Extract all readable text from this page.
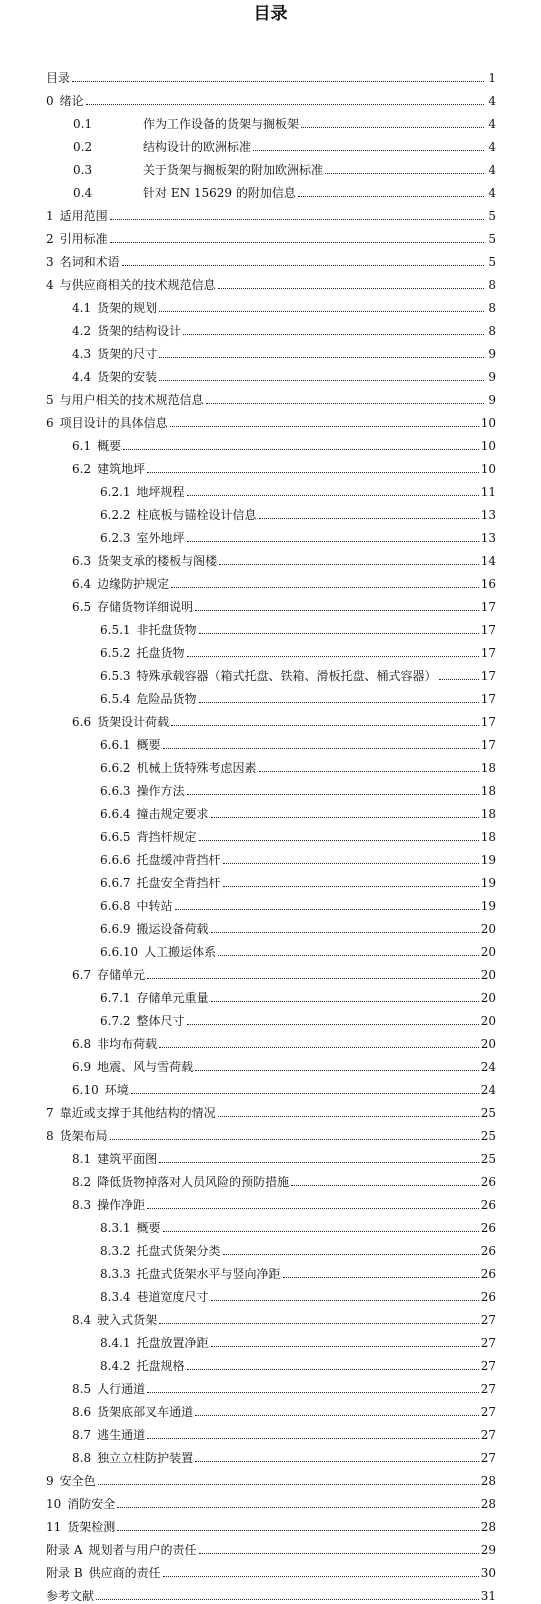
目录
目录	1
0 绪论	4
0.1	作为工作设备的货架与搁板架	4
0.2	结构设计的欧洲标准	4
0.3	关于货架与搁板架的附加欧洲标准	4
0.4	针对 EN 15629 的附加信息	4
1 适用范围	5
2 引用标准	5
3 名词和术语	5
4 与供应商相关的技术规范信息	8
4.1 货架的规划	8
4.2 货架的结构设计	8
4.3 货架的尺寸	9
4.4 货架的安装	9
5 与用户相关的技术规范信息	9
6 项目设计的具体信息	10
6.1 概要	10
6.2 建筑地坪	10
6.2.1 地坪规程	11
6.2.2 柱底板与锚栓设计信息	13
6.2.3 室外地坪	13
6.3 货架支承的楼板与阁楼	14
6.4 边缘防护规定	16
6.5 存储货物详细说明	17
6.5.1 非托盘货物	17
6.5.2 托盘货物	17
6.5.3 特殊承载容器（箱式托盘、铁箱、滑板托盘、桶式容器）	17
6.5.4 危险品货物	17
6.6 货架设计荷载	17
6.6.1 概要	17
6.6.2 机械上货特殊考虑因素	18
6.6.3 操作方法	18
6.6.4 撞击规定要求	18
6.6.5 背挡杆规定	18
6.6.6 托盘缓冲背挡杆	19
6.6.7 托盘安全背挡杆	19
6.6.8 中转站	19
6.6.9 搬运设备荷载	20
6.6.10 人工搬运体系	20
6.7 存储单元	20
6.7.1 存储单元重量	20
6.7.2 整体尺寸	20
6.8 非均布荷载	20
6.9 地震、风与雪荷载	24
6.10 环境	24
7 靠近或支撑于其他结构的情况	25
8 货架布局	25
8.1 建筑平面图	25
8.2 降低货物掉落对人员风险的预防措施	26
8.3 操作净距	26
8.3.1 概要	26
8.3.2 托盘式货架分类	26
8.3.3 托盘式货架水平与竖向净距	26
8.3.4 巷道宽度尺寸	26
8.4 驶入式货架	27
8.4.1 托盘放置净距	27
8.4.2 托盘规格	27
8.5 人行通道	27
8.6 货架底部叉车通道	27
8.7 逃生通道	27
8.8 独立立柱防护装置	27
9 安全色	28
10 消防安全	28
11 货架检测	28
附录 A 规划者与用户的责任	29
附录 B 供应商的责任	30
参考文献	31
